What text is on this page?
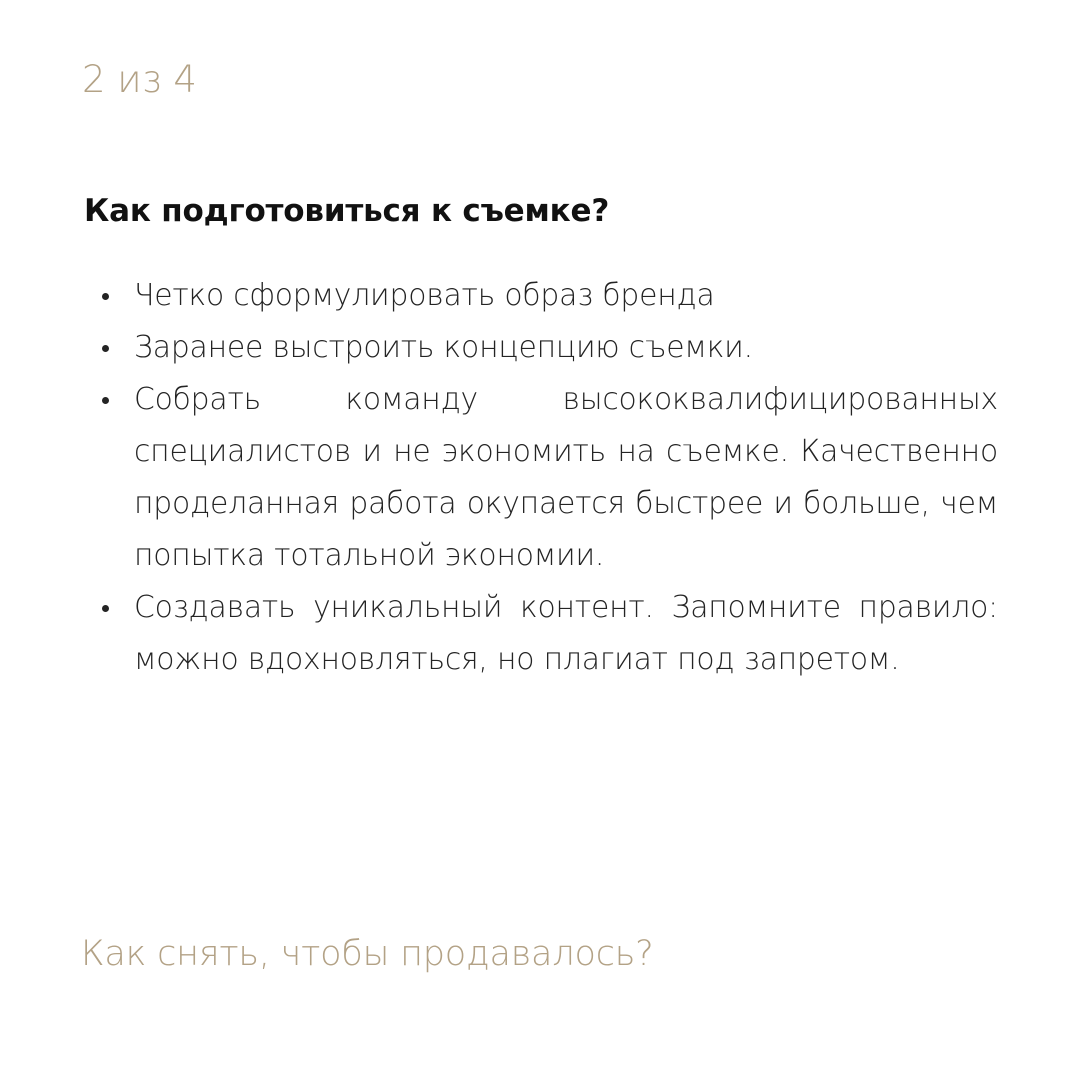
2 из 4
Как подготовиться к съемке?
Четко сформулировать образ бренда
Заранее выстроить концепцию съемки.
Собрать команду высококвалифицированных специалистов и не экономить на съемке. Качественно проделанная работа окупается быстрее и больше, чем попытка тотальной экономии.
Создавать уникальный контент. Запомните правило: можно вдохновляться, но плагиат под запретом.
Как снять, чтобы продавалось?
